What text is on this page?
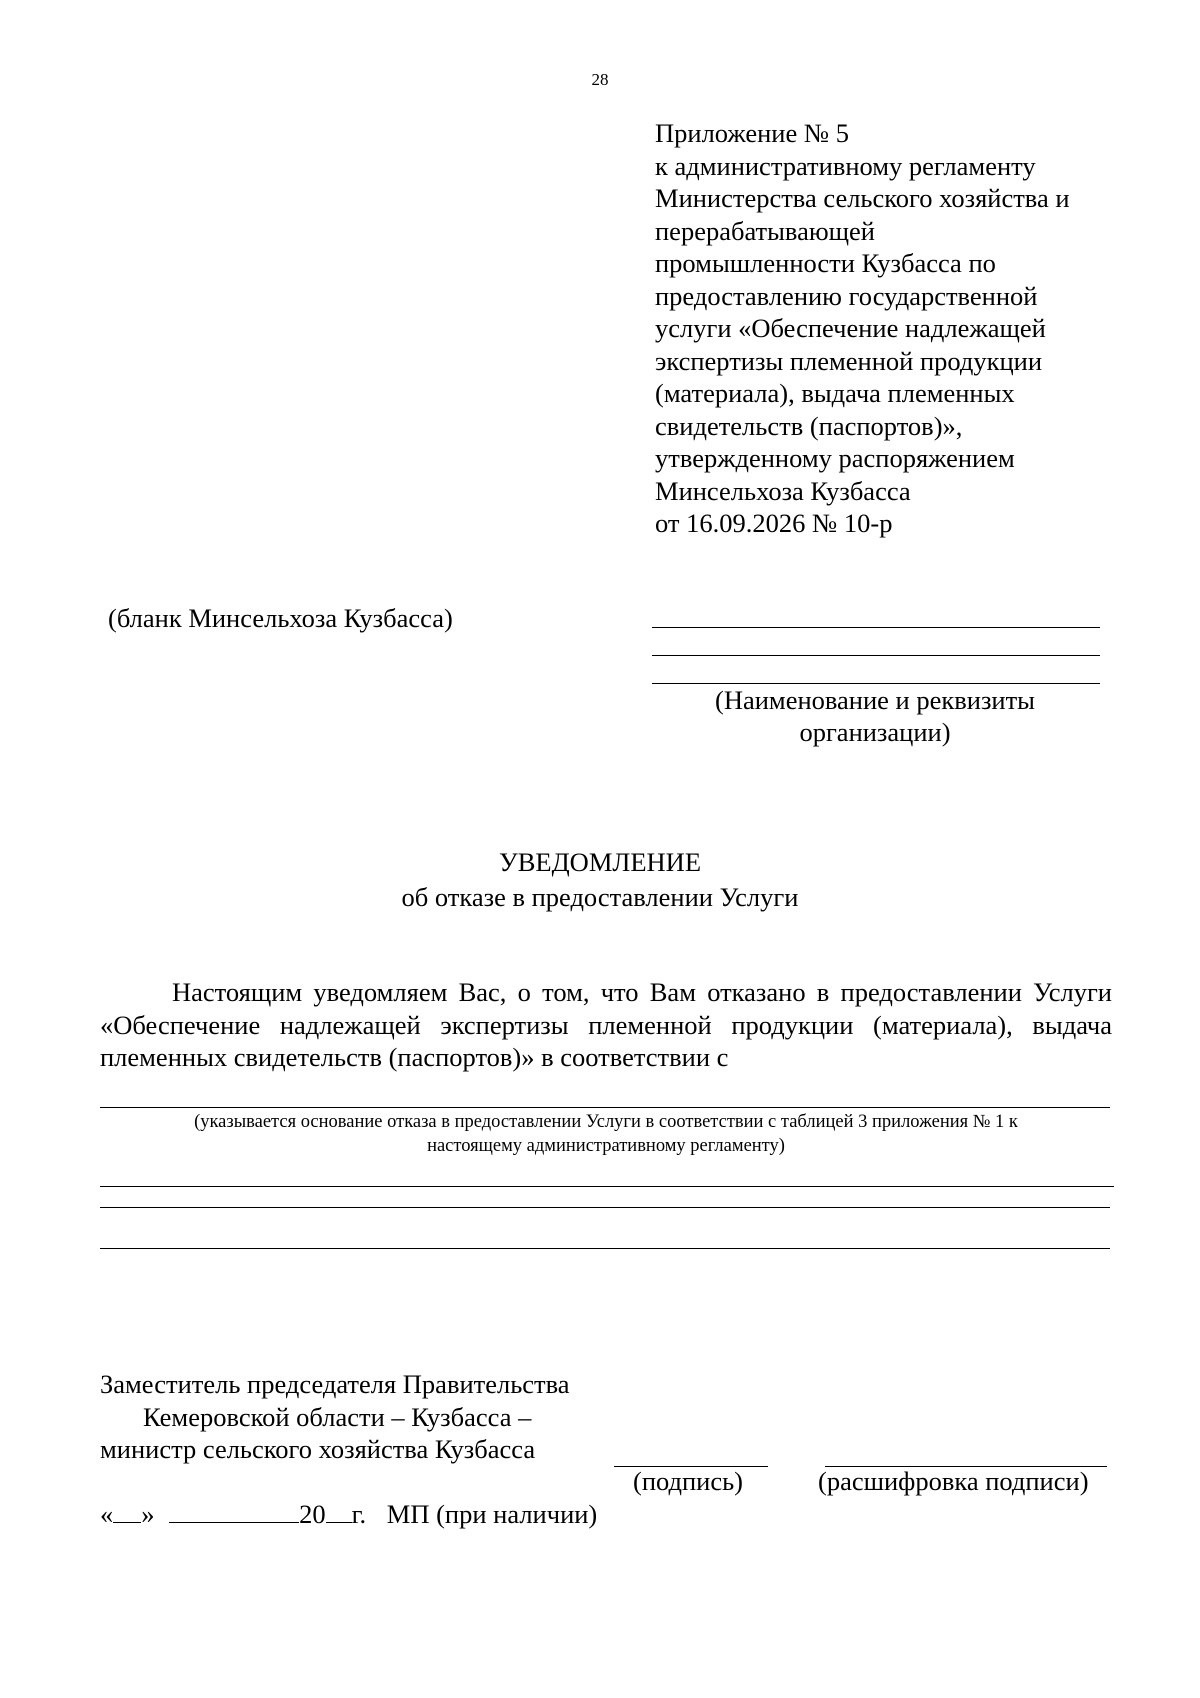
28
Приложение № 5
к административному регламенту
Министерства сельского хозяйства и
перерабатывающей
промышленности Кузбасса по
предоставлению государственной
услуги «Обеспечение надлежащей
экспертизы племенной продукции
(материала), выдача племенных
свидетельств (паспортов)»,
утвержденному распоряжением
Минсельхоза Кузбасса
от 16.09.2026 № 10-р
(бланк Минсельхоза Кузбасса)
(Наименование и реквизиты
организации)
УВЕДОМЛЕНИЕ
об отказе в предоставлении Услуги
Настоящим уведомляем Вас, о том, что Вам отказано в предоставлении Услуги
«Обеспечение надлежащей экспертизы племенной продукции (материала), выдача
племенных свидетельств (паспортов)» в соответствии с
(указывается основание отказа в предоставлении Услуги в соответствии с таблицей 3 приложения № 1 к
настоящему административному регламенту)
Заместитель председателя Правительства
Кемеровской области – Кузбасса –
министр сельского хозяйства Кузбасса
(подпись)	(расшифровка подписи)
« »	20 г. МП (при наличии)
